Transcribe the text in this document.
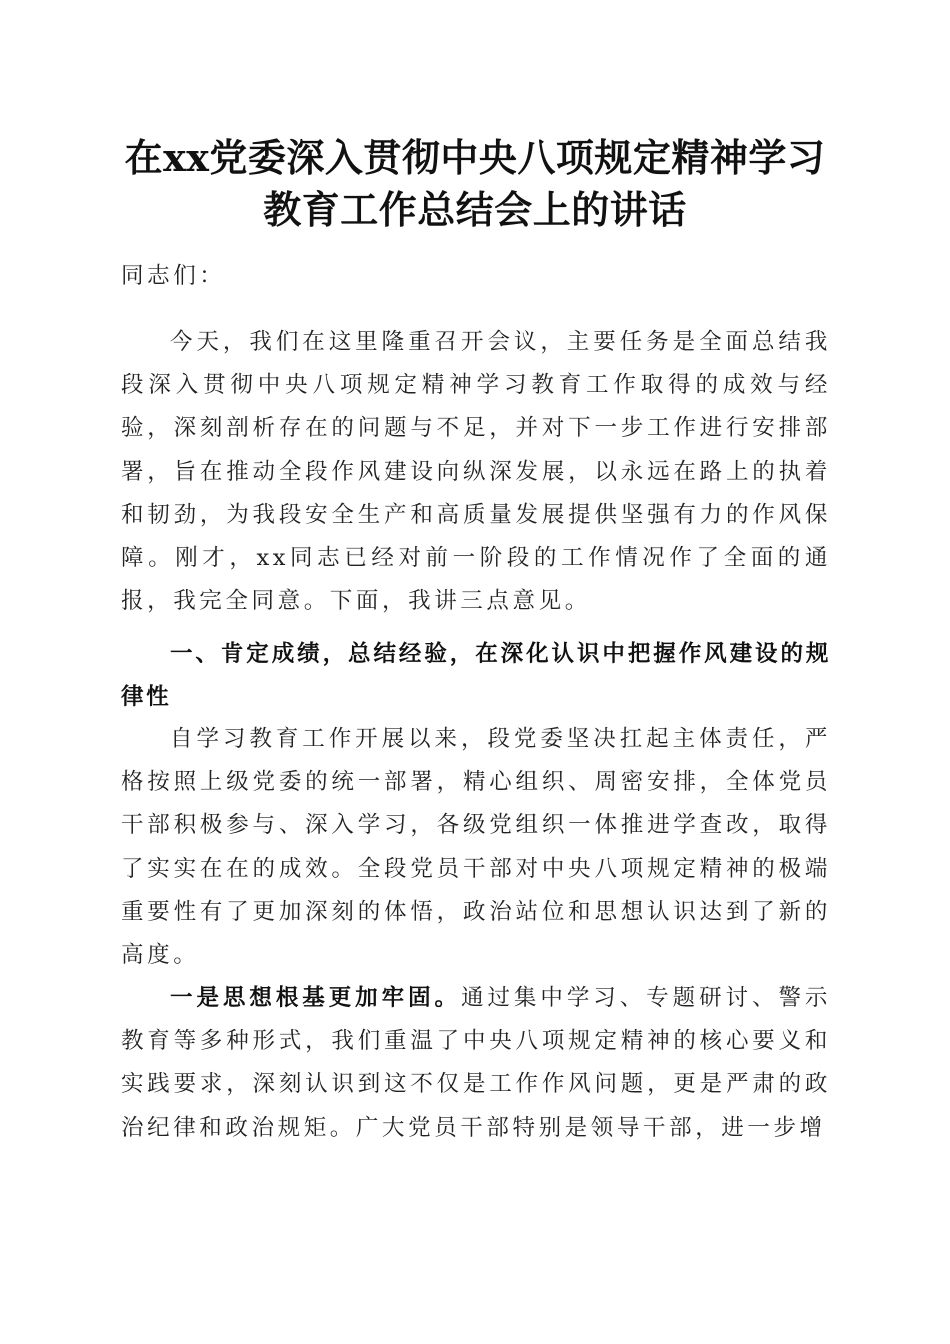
在xx党委深入贯彻中央八项规定精神学习教育工作总结会上的讲话

同志们：

今天，我们在这里隆重召开会议，主要任务是全面总结我段深入贯彻中央八项规定精神学习教育工作取得的成效与经验，深刻剖析存在的问题与不足，并对下一步工作进行安排部署，旨在推动全段作风建设向纵深发展，以永远在路上的执着和韧劲，为我段安全生产和高质量发展提供坚强有力的作风保障。刚才，xx同志已经对前一阶段的工作情况作了全面的通报，我完全同意。下面，我讲三点意见。

一、肯定成绩，总结经验，在深化认识中把握作风建设的规律性

自学习教育工作开展以来，段党委坚决扛起主体责任，严格按照上级党委的统一部署，精心组织、周密安排，全体党员干部积极参与、深入学习，各级党组织一体推进学查改，取得了实实在在的成效。全段党员干部对中央八项规定精神的极端重要性有了更加深刻的体悟，政治站位和思想认识达到了新的高度。

一是思想根基更加牢固。通过集中学习、专题研讨、警示教育等多种形式，我们重温了中央八项规定精神的核心要义和实践要求，深刻认识到这不仅是工作作风问题，更是严肃的政治纪律和政治规矩。广大党员干部特别是领导干部，进一步增
